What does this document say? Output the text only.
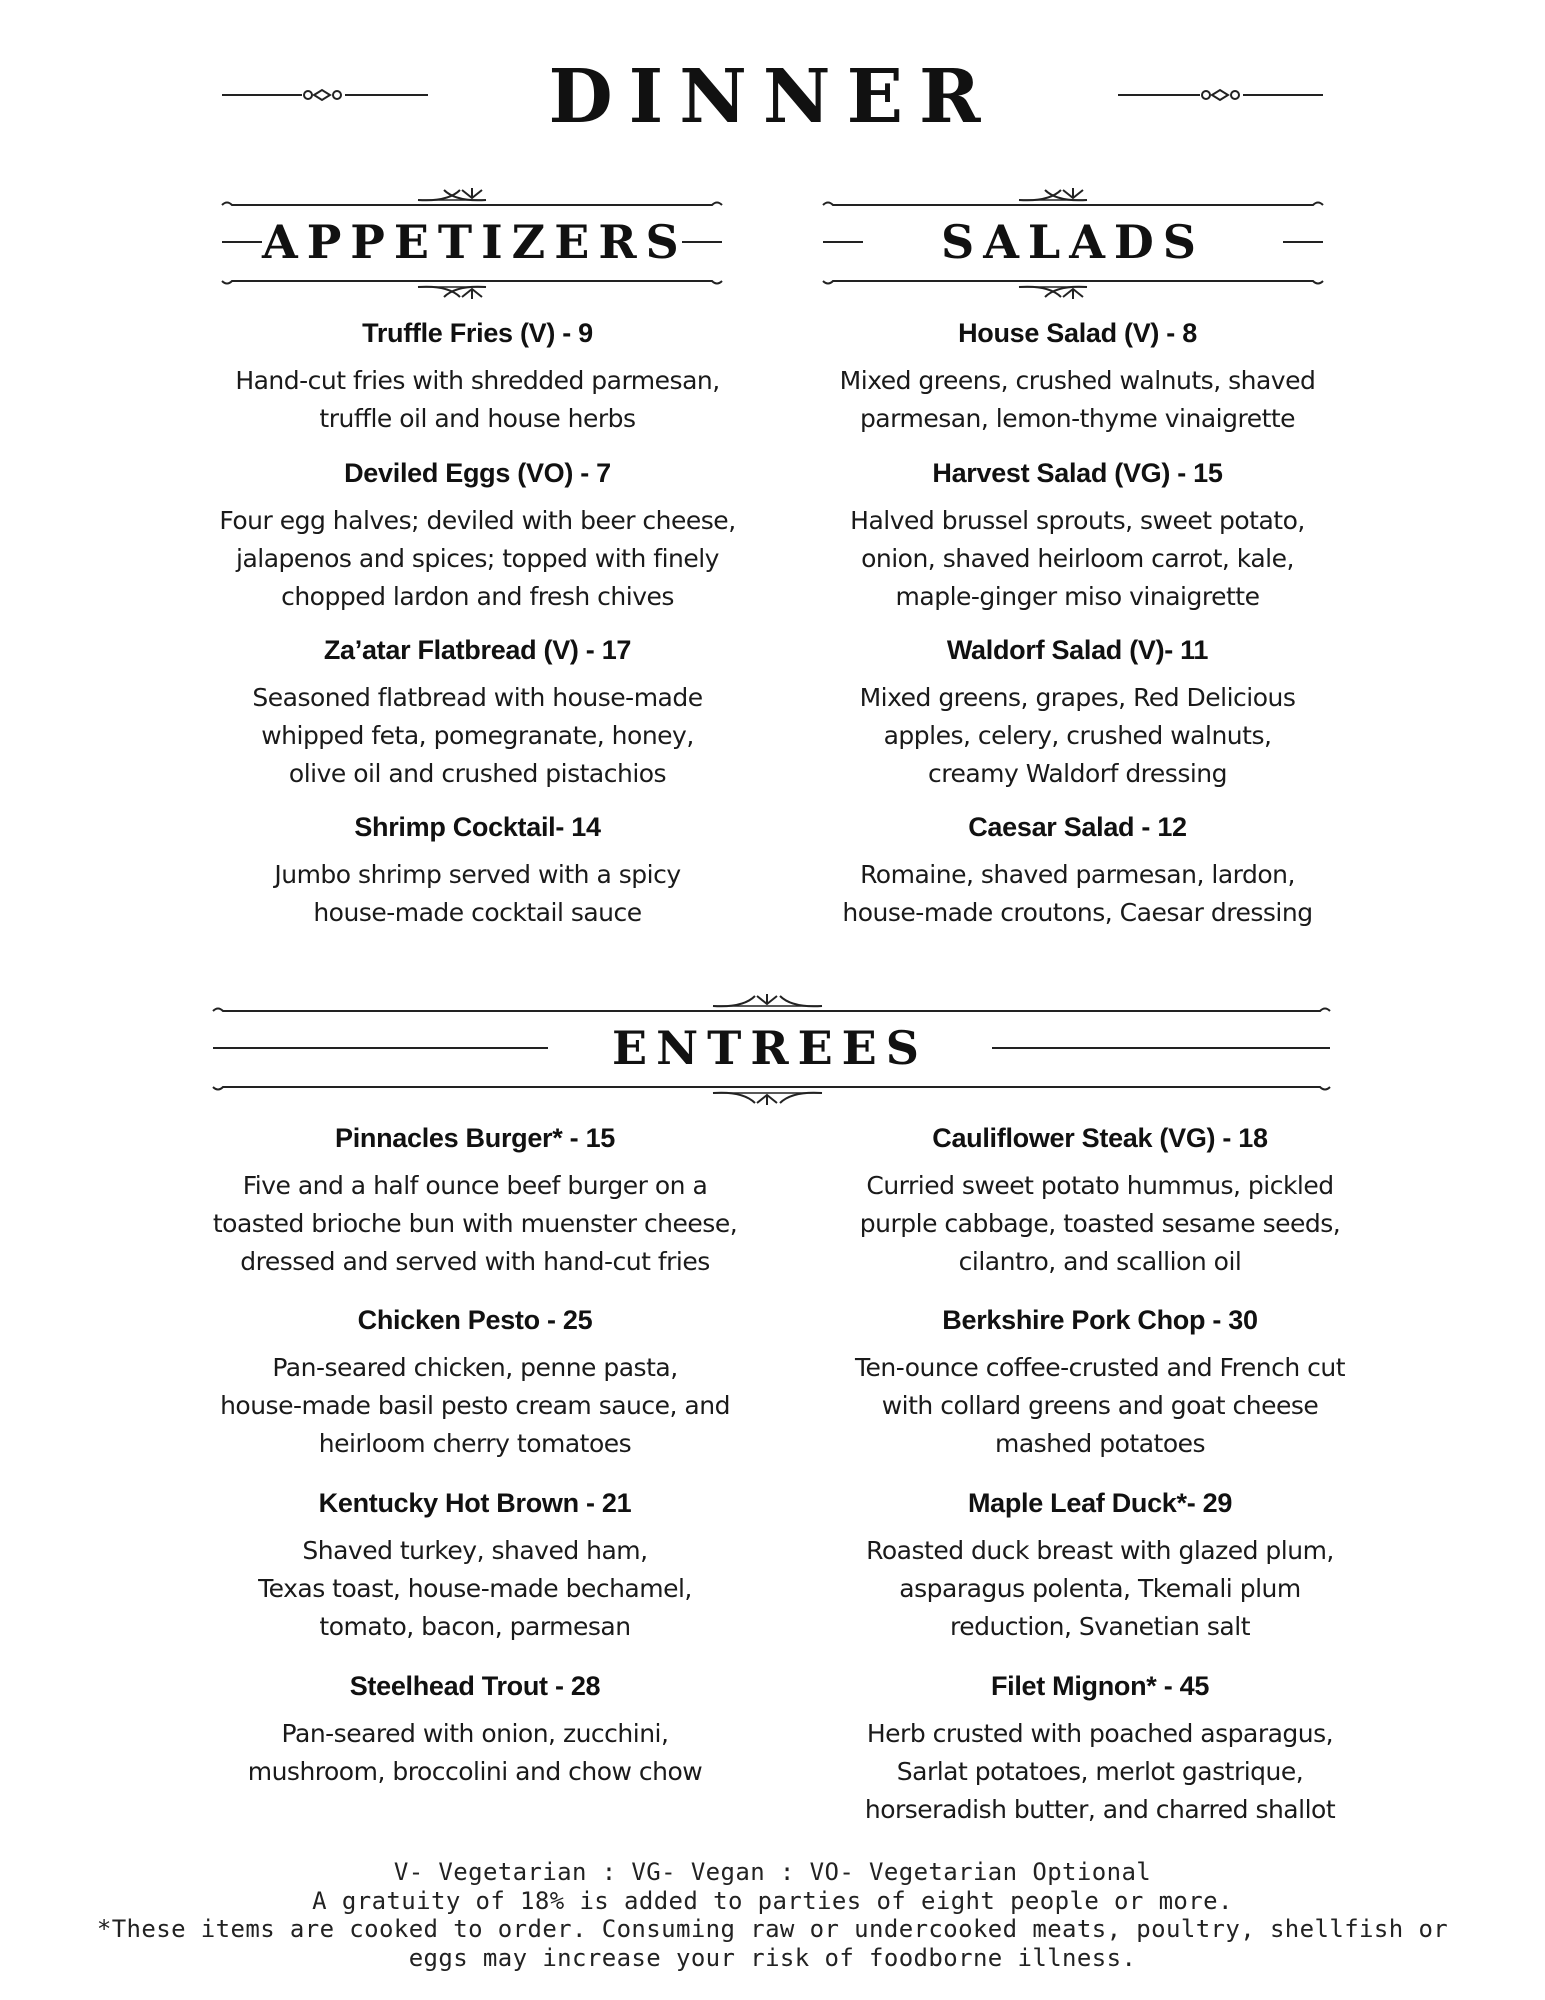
DINNER
APPETIZERS	SALADS
ENTREES
Truffle Fries (V) - 9
Hand-cut fries with shredded parmesan,
truffle oil and house herbs
Deviled Eggs (VO) - 7
Four egg halves; deviled with beer cheese,
jalapenos and spices; topped with finely
chopped lardon and fresh chives
Za’atar Flatbread (V) - 17
Seasoned flatbread with house-made
whipped feta, pomegranate, honey,
olive oil and crushed pistachios
Shrimp Cocktail- 14
Jumbo shrimp served with a spicy
house-made cocktail sauce
House Salad (V) - 8
Mixed greens, crushed walnuts, shaved
parmesan, lemon-thyme vinaigrette
Harvest Salad (VG) - 15
Halved brussel sprouts, sweet potato,
onion, shaved heirloom carrot, kale,
maple-ginger miso vinaigrette
Waldorf Salad (V)- 11
Mixed greens, grapes, Red Delicious
apples, celery, crushed walnuts,
creamy Waldorf dressing
Caesar Salad - 12
Romaine, shaved parmesan, lardon,
house-made croutons, Caesar dressing
Pinnacles Burger* - 15
Five and a half ounce beef burger on a
toasted brioche bun with muenster cheese,
dressed and served with hand-cut fries
Chicken Pesto - 25
Pan-seared chicken, penne pasta,
house-made basil pesto cream sauce, and
heirloom cherry tomatoes
Kentucky Hot Brown - 21
Shaved turkey, shaved ham,
Texas toast, house-made bechamel,
tomato, bacon, parmesan
Steelhead Trout - 28
Pan-seared with onion, zucchini,
mushroom, broccolini and chow chow
Cauliflower Steak (VG) - 18
Curried sweet potato hummus, pickled
purple cabbage, toasted sesame seeds,
cilantro, and scallion oil
Berkshire Pork Chop - 30
Ten-ounce coffee-crusted and French cut
with collard greens and goat cheese
mashed potatoes
Maple Leaf Duck*- 29
Roasted duck breast with glazed plum,
asparagus polenta, Tkemali plum
reduction, Svanetian salt
Filet Mignon* - 45
Herb crusted with poached asparagus,
Sarlat potatoes, merlot gastrique,
horseradish butter, and charred shallot
V- Vegetarian : VG- Vegan : VO- Vegetarian Optional
A gratuity of 18% is added to parties of eight people or more.
*These items are cooked to order. Consuming raw or undercooked meats, poultry, shellfish or
eggs may increase your risk of foodborne illness.
